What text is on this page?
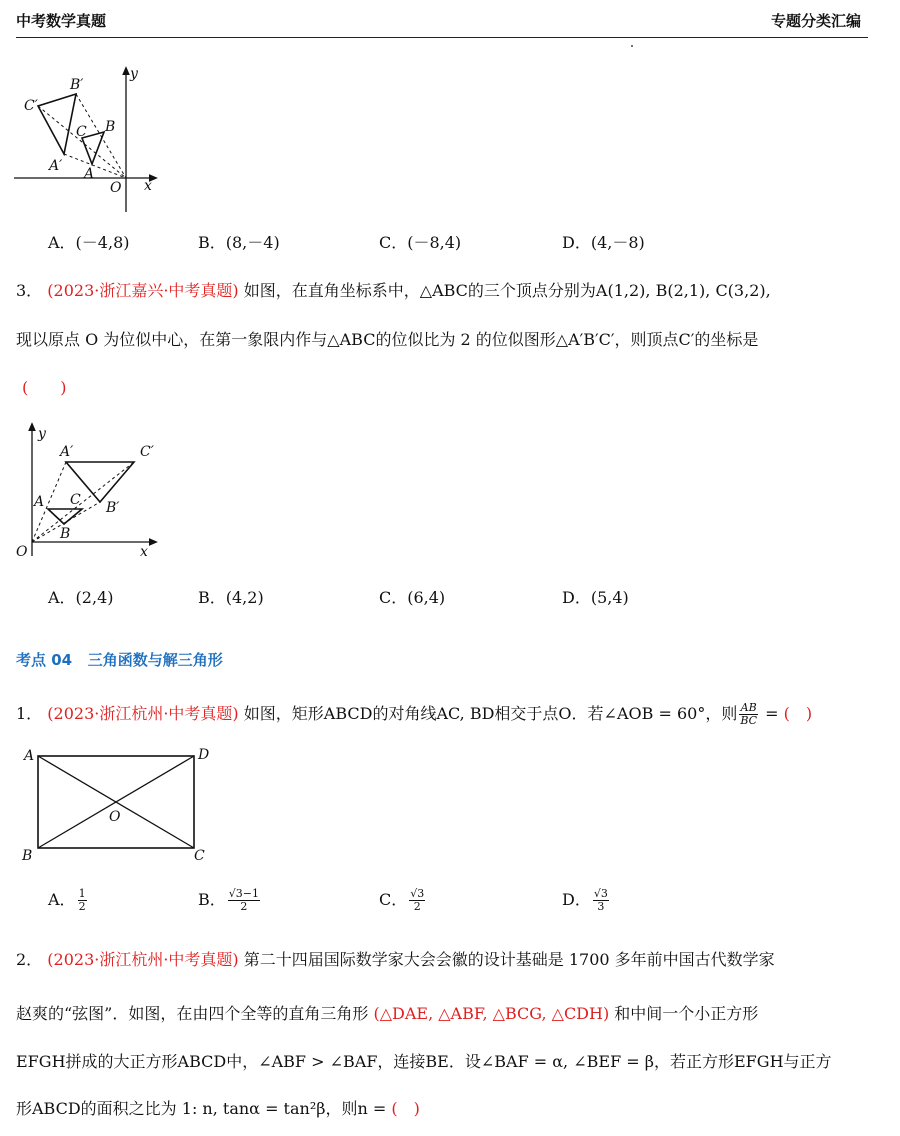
中考数学真题	专题分类汇编
B′
C′
B
C
A′ A
O x
y
A．(－4,8)	B．(8,－4)	C．(－8,4)	D．(4,－8)
3． (2023·浙江嘉兴·中考真题) 如图，在直角坐标系中，△ABC的三个顶点分别为A(1,2), B(2,1), C(3,2),
现以原点 O 为位似中心，在第一象限内作与△ABC的位似比为 2 的位似图形△A′B′C′，则顶点C′的坐标是
(　　)
y
A′	C′
A C B′
B
O	x
A．(2,4)	B．(4,2)	C．(6,4)	D．(5,4)
考点 04 三角函数与解三角形
1． (2023·浙江杭州·中考真题) 如图，矩形ABCD的对角线AC, BD相交于点O．若∠AOB = 60°，则 $\frac{AB}{BC}$ = (　)
A	D
O
B	C
A． $\frac{1}{2}$	B． $\frac{√3-1}{2}$	C． $\frac{√3}{2}$	D． $\frac{√3}{3}$
2． (2023·浙江杭州·中考真题) 第二十四届国际数学家大会会徽的设计基础是 1700 多年前中国古代数学家
赵爽的“弦图”．如图，在由四个全等的直角三角形 (△DAE, △ABF, △BCG, △CDH) 和中间一个小正方形
EFGH拼成的大正方形ABCD中，∠ABF > ∠BAF，连接BE．设∠BAF = α, ∠BEF = β，若正方形EFGH与正方
形ABCD的面积之比为 1: n, tanα = tan²β，则n = (　)
